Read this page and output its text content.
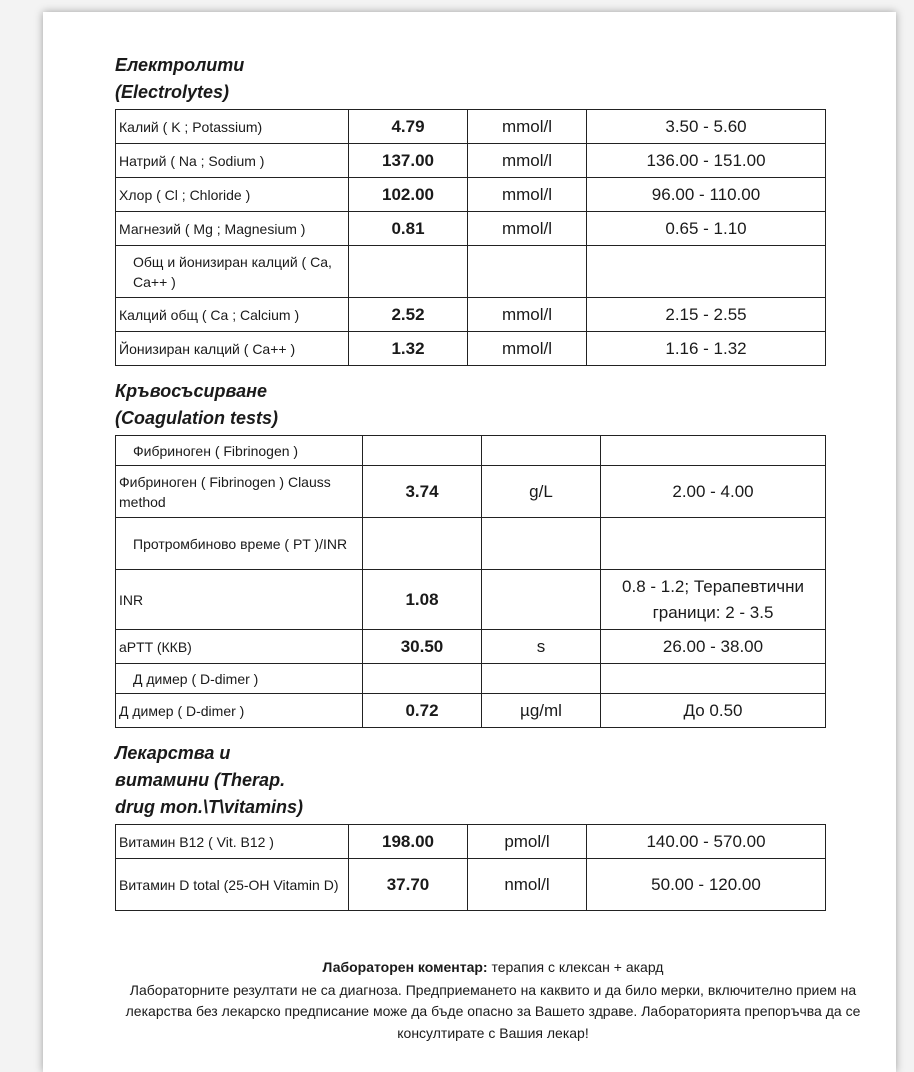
Електролити
(Electrolytes)
Калий ( K ; Potassium)	4.79	mmol/l	3.50 - 5.60
Натрий ( Na ; Sodium )	137.00	mmol/l	136.00 - 151.00
Хлор ( Cl ; Chloride )	102.00	mmol/l	96.00 - 110.00
Магнезий ( Mg ; Magnesium )	0.81	mmol/l	0.65 - 1.10
Общ и йонизиран калций ( Ca, Ca++ )			
Калций общ ( Ca ; Calcium )	2.52	mmol/l	2.15 - 2.55
Йонизиран калций ( Ca++ )	1.32	mmol/l	1.16 - 1.32
Кръвосъсирване
(Coagulation tests)
Фибриноген ( Fibrinogen )			
Фибриноген ( Fibrinogen ) Clauss method	3.74	g/L	2.00 - 4.00
Протромбиново време ( PT )/INR			
INR	1.08		0.8 - 1.2; Терапевтични граници: 2 - 3.5
aPTT (ККВ)	30.50	s	26.00 - 38.00
Д димер ( D-dimer )			
Д димер ( D-dimer )	0.72	µg/ml	До 0.50
Лекарства и
витамини (Therap.
drug mon.\T\vitamins)
Витамин B12 ( Vit. B12 )	198.00	pmol/l	140.00 - 570.00
Витамин D total (25-OH Vitamin D)	37.70	nmol/l	50.00 - 120.00
Лабораторен коментар: терапия с клексан + акард
Лабораторните резултати не са диагноза. Предприемането на каквито и да било мерки, включително прием на лекарства без лекарско предписание може да бъде опасно за Вашето здраве. Лабораторията препоръчва да се консултирате с Вашия лекар!
